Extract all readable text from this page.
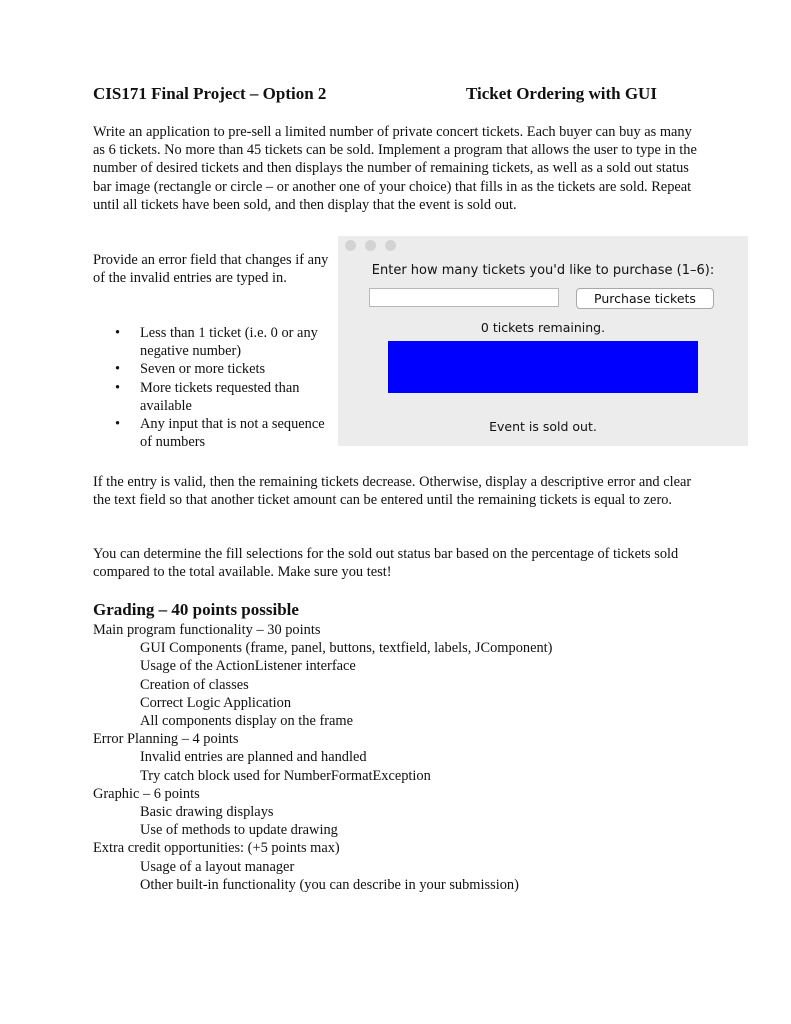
CIS171 Final Project – Option 2	Ticket Ordering with GUI
Write an application to pre-sell a limited number of private concert tickets. Each buyer can buy as many as 6 tickets. No more than 45 tickets can be sold. Implement a program that allows the user to type in the number of desired tickets and then displays the number of remaining tickets, as well as a sold out status bar image (rectangle or circle – or another one of your choice) that fills in as the tickets are sold. Repeat until all tickets have been sold, and then display that the event is sold out.
Provide an error field that changes if any of the invalid entries are typed in.
• Less than 1 ticket (i.e. 0 or any negative number)
• Seven or more tickets
• More tickets requested than available
• Any input that is not a sequence of numbers
Enter how many tickets you'd like to purchase (1–6):
Purchase tickets
0 tickets remaining.
Event is sold out.
If the entry is valid, then the remaining tickets decrease. Otherwise, display a descriptive error and clear the text field so that another ticket amount can be entered until the remaining tickets is equal to zero.
You can determine the fill selections for the sold out status bar based on the percentage of tickets sold compared to the total available. Make sure you test!
Grading – 40 points possible
Main program functionality – 30 points
GUI Components (frame, panel, buttons, textfield, labels, JComponent)
Usage of the ActionListener interface
Creation of classes
Correct Logic Application
All components display on the frame
Error Planning – 4 points
Invalid entries are planned and handled
Try catch block used for NumberFormatException
Graphic – 6 points
Basic drawing displays
Use of methods to update drawing
Extra credit opportunities: (+5 points max)
Usage of a layout manager
Other built-in functionality (you can describe in your submission)
